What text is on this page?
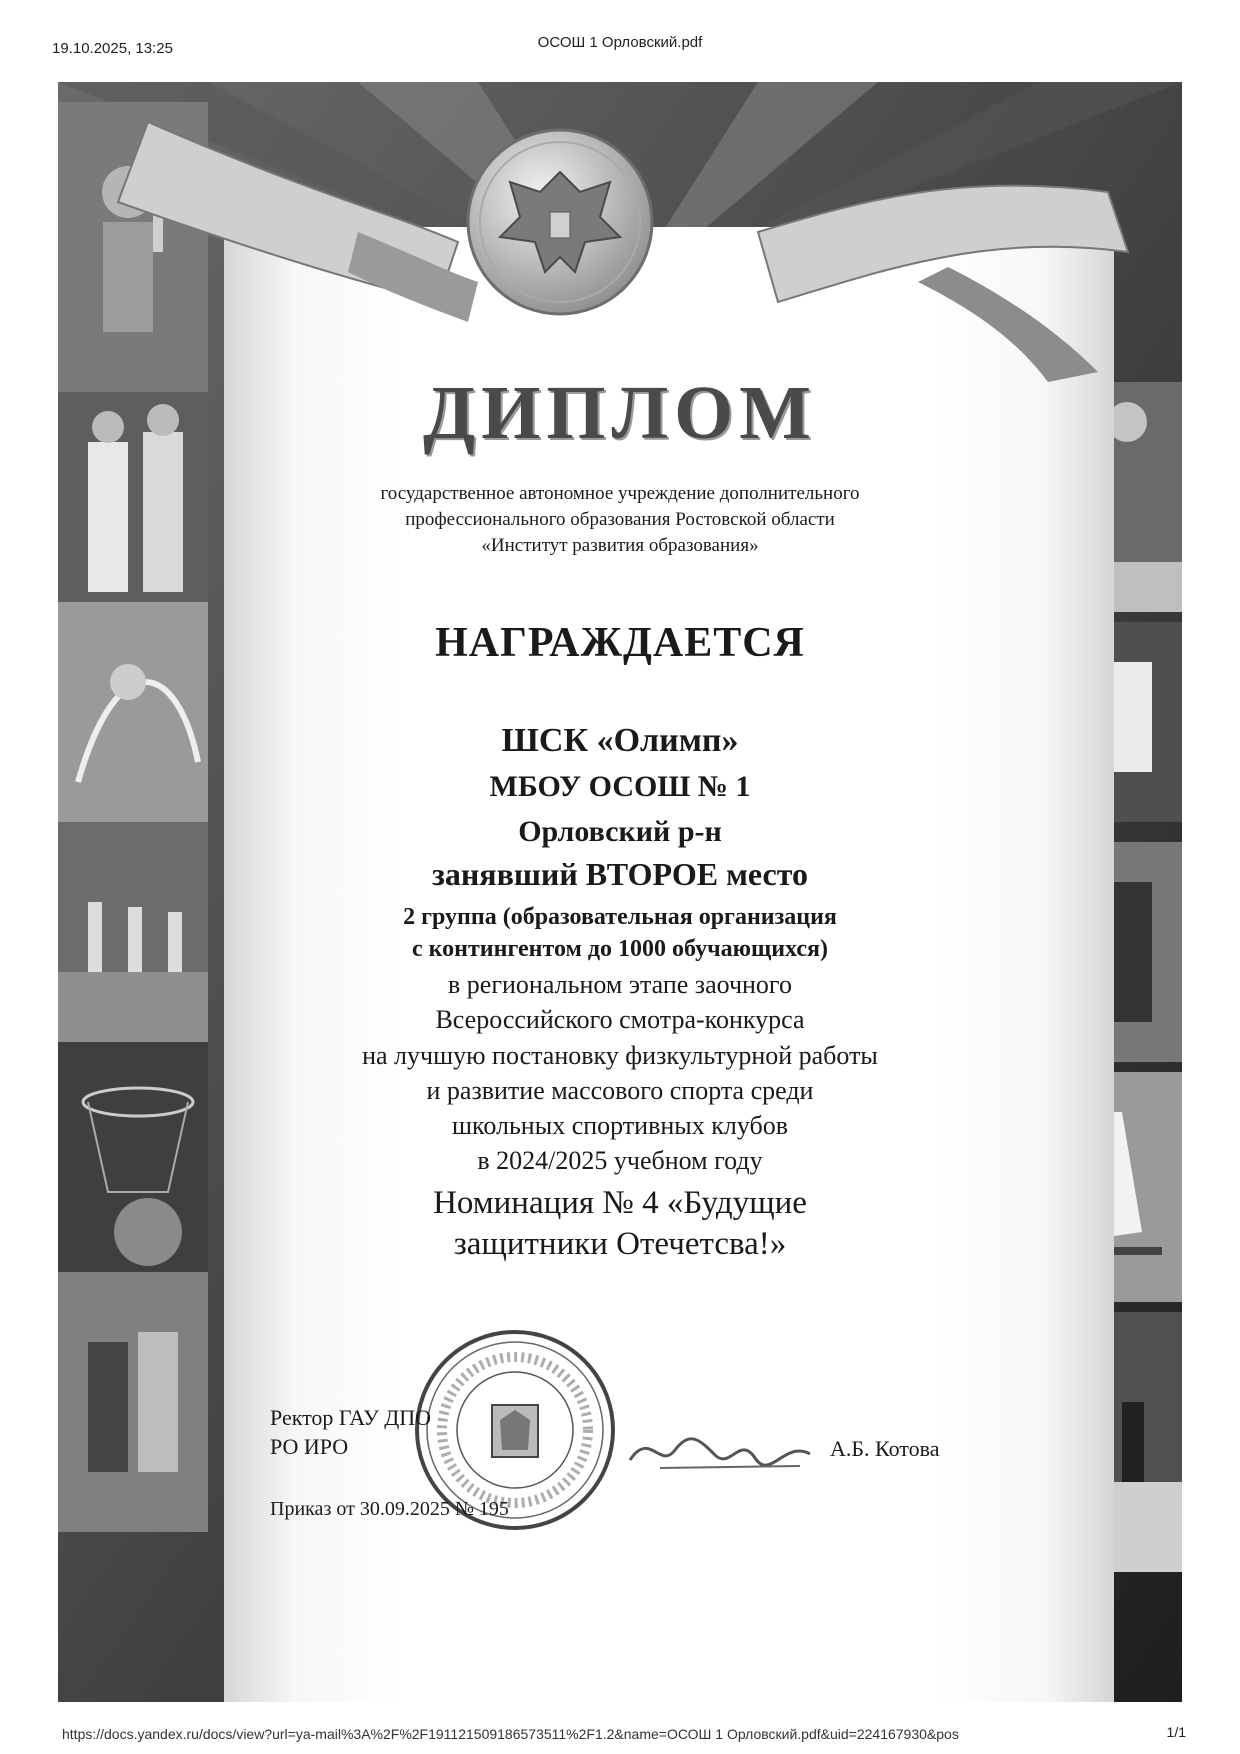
19.10.2025, 13:25	ОСОШ 1 Орловский.pdf
ДИПЛОМ

государственное автономное учреждение дополнительного

профессионального образования Ростовской области

«Институт развития образования»

НАГРАЖДАЕТСЯ

ШСК «Олимп»

МБОУ ОСОШ № 1

Орловский р-н

занявший ВТОРОЕ место

2 группа (образовательная организация

с контингентом до 1000 обучающихся)

в региональном этапе заочного

Всероссийского смотра-конкурса

на лучшую постановку физкультурной работы

и развитие массового спорта среди

школьных спортивных клубов

в 2024/2025 учебном году

Номинация № 4 «Будущие

защитники Отечетсва!»

Ректор ГАУ ДПО
РО ИРО	А.Б. Котова
Приказ от 30.09.2025 № 195
https://docs.yandex.ru/docs/view?url=ya-mail%3A%2F%2F191121509186573511%2F1.2&name=ОСОШ 1 Орловский.pdf&uid=224167930&pos	1/1
